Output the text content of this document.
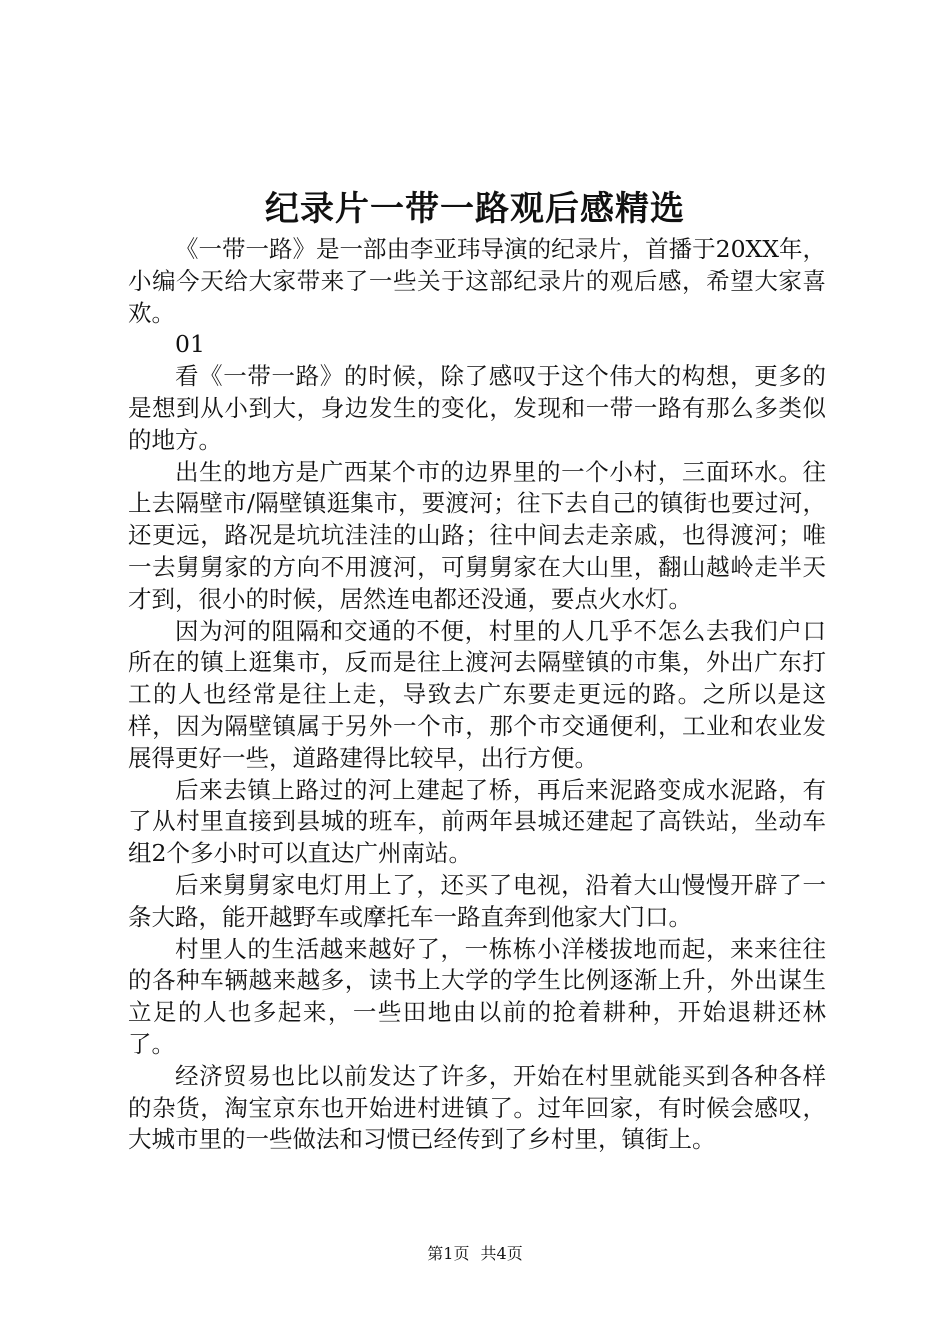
纪录片一带一路观后感精选

《一带一路》是一部由李亚玮导演的纪录片，首播于20XX年，小编今天给大家带来了一些关于这部纪录片的观后感，希望大家喜欢。

01

看《一带一路》的时候，除了感叹于这个伟大的构想，更多的是想到从小到大，身边发生的变化，发现和一带一路有那么多类似的地方。

出生的地方是广西某个市的边界里的一个小村，三面环水。往上去隔壁市/隔壁镇逛集市，要渡河；往下去自己的镇街也要过河，还更远，路况是坑坑洼洼的山路；往中间去走亲戚，也得渡河；唯一去舅舅家的方向不用渡河，可舅舅家在大山里，翻山越岭走半天才到，很小的时候，居然连电都还没通，要点火水灯。

因为河的阻隔和交通的不便，村里的人几乎不怎么去我们户口所在的镇上逛集市，反而是往上渡河去隔壁镇的市集，外出广东打工的人也经常是往上走，导致去广东要走更远的路。之所以是这样，因为隔壁镇属于另外一个市，那个市交通便利，工业和农业发展得更好一些，道路建得比较早，出行方便。

后来去镇上路过的河上建起了桥，再后来泥路变成水泥路，有了从村里直接到县城的班车，前两年县城还建起了高铁站，坐动车组2个多小时可以直达广州南站。

后来舅舅家电灯用上了，还买了电视，沿着大山慢慢开辟了一条大路，能开越野车或摩托车一路直奔到他家大门口。

村里人的生活越来越好了，一栋栋小洋楼拔地而起，来来往往的各种车辆越来越多，读书上大学的学生比例逐渐上升，外出谋生立足的人也多起来，一些田地由以前的抢着耕种，开始退耕还林了。

经济贸易也比以前发达了许多，开始在村里就能买到各种各样的杂货，淘宝京东也开始进村进镇了。过年回家，有时候会感叹，大城市里的一些做法和习惯已经传到了乡村里，镇街上。

第1页 共4页
